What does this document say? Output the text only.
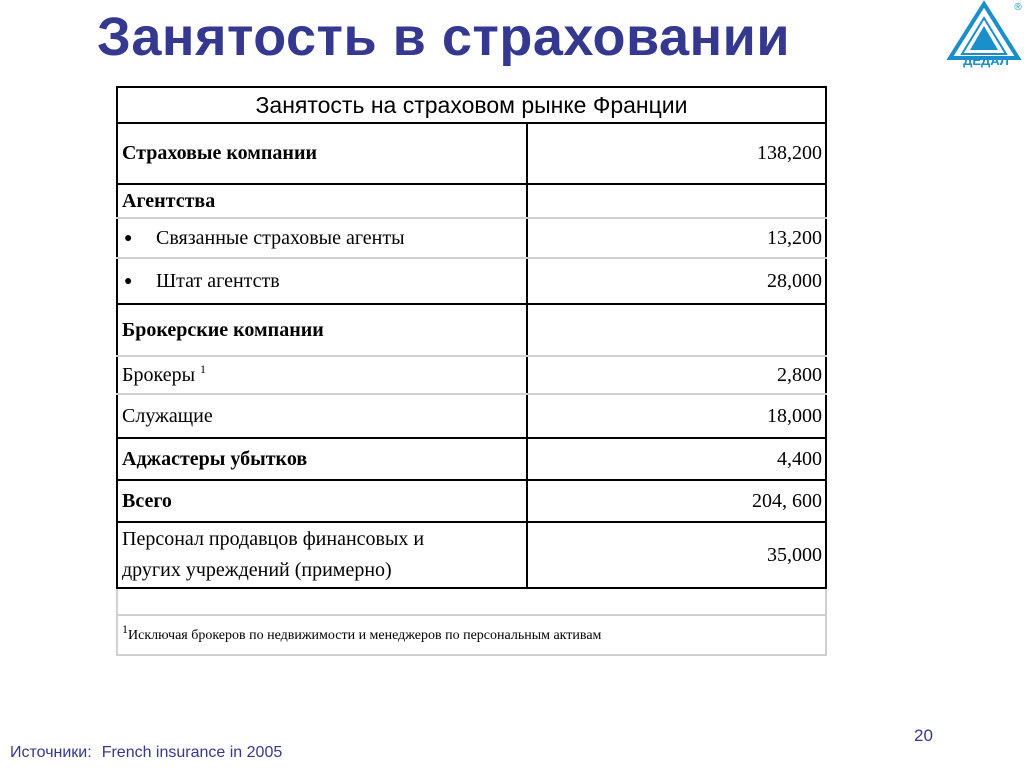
Занятость в страховании	ДЕДАЛ
®
Занятость на страховом рынке Франции
Страховые компании	138,200
Агентства	
● Связанные страховые агенты	13,200
● Штат агентств	28,000
Брокерские компании	
Брокеры $^1$	2,800
Служащие	18,000
Аджастеры убытков	4,400
Всего	204, 600
Персонал продавцов финансовых и
других учреждений (примерно)	35,000
$^1$Исключая брокеров по недвижимости и менеджеров по персональным активам
20
Источники: French insurance in 2005
